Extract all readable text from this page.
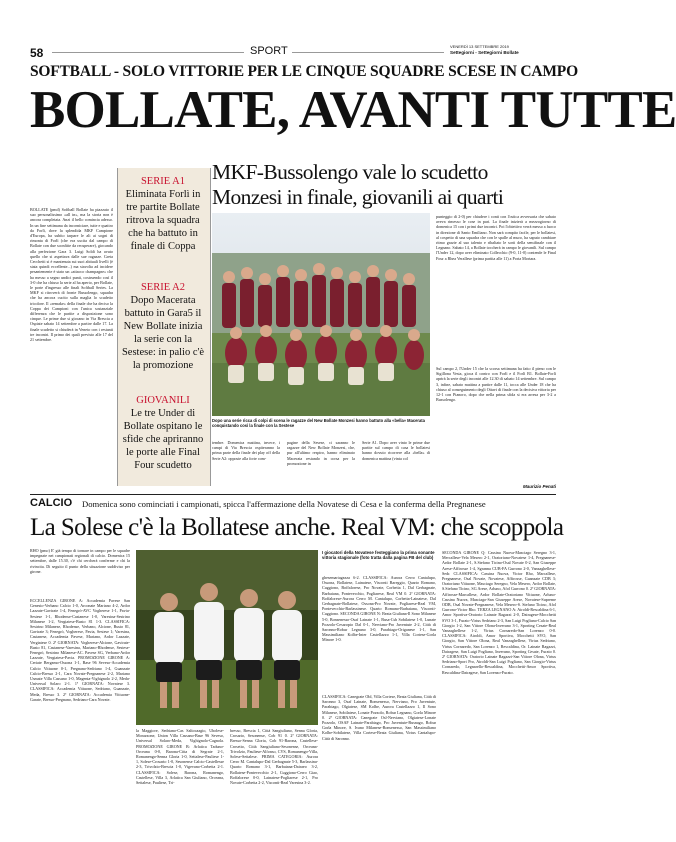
58	SPORT	VENERDÌ 13 SETTEMBRE 2019
Settegiorni - Settegiorni Bollate
SOFTBALL - SOLO VITTORIE PER LE CINQUE SQUADRE SCESE IN CAMPO
BOLLATE, AVANTI TUTTE
SERIE A1
Eliminata Forlì in tre partite Bollate ritrova la squadra che ha battuto in finale di Coppa
SERIE A2
Dopo Macerata battuto in Gara5 il New Bollate inizia la serie con la Sestese: in palio c'è la promozione
GIOVANILI
Le tre Under di Bollate ospitano le sfide che apriranno le porte alle Final Four scudetto
BOLLATE (pmd) Softball Bollate ha piazzato il suo personalissimo «all in», ma la storia non è ancora completata. Anzi il bello comincia adesso. In un fine settimana da incorniciare, tutte e quattro da Forlì, dove la splendida MKF Campione d'Europa, ha subito tarpare le ali ai sogni di rimonta di Forlì (che era uscita dal campo di Bollate con due sconfitte da recuperare), giocando alla perfezione Gara 3. Luigi Soldi ha avuto quello che si aspettava dalle sue ragazze. Greta Cecchetti si è mantenuta sui suoi abituali livelli (è stata quindi eccellente...) ma stavolta ad incidere pesantemente è stato un «attacco champagne» che ha messo a segno undici punti, costruendo così il 3-0 che ha chiuso la serie al ha aperto, per Bollate, le porte d'ingresso alle finali Softball Series. La MKF si ritroverà di fronte Bussolengo, squadra che ha ancora cucito sulla maglia lo scudetto tricolore. Il «remake» della finale che ha deciso la Coppa dei Campioni con l'unica sostanziale differenza che le partite a disposizione sono cinque. Le prime due si giocano in Via Brescia a Ospiate sabato 14 settembre a partire dalle 17. La finale scudetto si chiuderà in Veneto con i restanti tre incontri. Il primo dei quali previsto alle 17 del 21 settembre.
MKF-Bussolengo vale lo scudetto
Monzesi in finale, giovanili ai quarti
Dopo una serie ricca di colpi di scena le ragazze del New Bollate Monzesi hanno battuto alla «bella» Macerata conquistando così la finale con la Sestese
punteggio di 2-0) per chiudere i conti con l'ostica avversaria che sabato aveva rimesso le cose in pari. La finale inizierà a mezzogiorno di domenica 15 con i primi due incontri. Poi l'obiettivo verrà messo a fuoco in direzione di Santo Emiliano. Non sarà compito facile, per le bollatesi, al cospetto di una squadra che con le spalle al muro, ha saputo cambiare ritmo grazie al suo talento e ribaltato le sorti della semifinale con il Legnano. Sabato 14, a Bollate toccherà in campo le giovanili. Sul campo l'Under 12, dopo aver eliminato Collecchio (9-0, 11-0) contende le Final Four a Rhea Verallese (prima partita alle 11) a Porta Mortara.
Sul campo 2, l'Under 15 che la scorsa settimana ha fatto il pieno con le Sigillona Vesta, gioca il contro con Forlì e il Forlì B1. Bollate-Forlì aprirà la serie degli incontri alle 12.30 di sabato 14 settembre. Sul campo 3, infine, sabato mattina a partire dalle 11, tocca alle Under 18 che ha chiuso al conseguimento degli Ottavi di finale con la decisiva vittoria per 12-1 con Pianoro, dopo che nella prima sfida si era arresa per 3-2 a Bussolengo.
Maurizio Penati
tembre. Domenica mattina, invece, i campi di Via Brescia ospiteranno la prima parte della finale dei play off della Serie A2: opposte alla forte com-
pagine della Sesese, ci saranno le ragazze del New Bollate Monzesi, che, pur all'ultimo respiro, hanno eliminato Macerata restando in corsa per la promozione in
Serie A1. Dopo aver vinto le prime due partite sul campo di casa le bollatesi hanno dovuto ricorrere alla «bella» di domenica mattina (vinta col
CALCIO Domenica sono cominciati i campionati, spicca l'affermazione della Novatese di Cesa e la conferma della Pregnanese
La Solese c'è la Bollatese anche. Real VM: che scoppola
RHO (pmo) E' già tempo di tornare in campo per le squadre impegnate nei campionati regionali di calcio. Domenica 15 settembre, dalle 15.30, c'è chi cercherà conferme e chi la rivincita. Di seguito il punto della situazione suddiviso per girone.
ECCELLENZA GIRONE A: Accademia Pavese San Genesio-Verbano Calcio 1-0, Arconate Mariano 4-2, Ardor Lazzate-Gavirate 1-4, Fenegrò-AVC Vogherese 1-1, Pavia-Sestese 1-1, Rhodense-Castanese 1-0, Varesina-Sestrino Milanese 1-2, Vergiatese-Busto 81 1-3. CLASSIFICA: Sestrino Milanese, Rhodense, Verbano, Alcione, Busto 81, Gavirate 3; Fenegrò, Vogherese, Pavia, Sestese 1; Varesina, Castanese, Accademia Pavese, Mariano, Ardor Lazzate, Vergiatese 0. 2ª GIORNATA: Vogherese-Alcione, Gavirate-Busto 81, Castanese-Varesina, Mariano-Rhodense, Sestese-Fenegrò, Sestrino Milanese-AC. Pavese SG, Verbano-Ardor Lazzate, Vergiatese-Pavia. PROMOZIONE GIRONE A: Ceriate Bergamo-Ossona 1-1, Base 96 Seveso-Accademia Calcio Vittuone 0-1, Pregnano-Sedriano 1-4, Guanzate Calcio-Bresso 2-1, Cara Novate-Pregnanese 2-2, Mariano Usmate Villa Cassano 1-0, Magenta-Vighignolo 2-2, Meda-Universal Solaro 2-1. 1ª GIORNATA: Novatese 3. CLASSIFICA: Accademia Vittuone, Sedriano, Guanzate, Meda, Bresso 3. 2ª GIORNATA: Accademia Vittuone-Garate, Bresso-Pregnano, Sedriano-Cara Novate.
I giocatori della Novatese festeggiano la prima sonante vittoria stagionale (foto tratta dalla pagina FB del club)
la Maggiore, Sedriano-Cas Saltocaagio, Ubolese-Morazzone, Union Villa Cassano-Base 96 Seveso, Universal Solaro-Meda, Vighignolo-Cagnola. PROMOZIONE GIRONE B: Arlatica Taduno-Orceana 0-0, Barona-Citta di Segrate 2-1, Romanengo-Senna Gloria 1-0, Settalese-Pauliese 1-1, Solese-Crosario 1-0, Sesonense Calcio-Castellesse 2-3, Trivolzio-Brescia 1-0, Vigevano-Corbetta 2-1. CLASSIFICA: Solese, Barona, Romanengo, Castellese, Villa 3, Arlatica San Giuliano, Orceana, Settalese, Pauliese, Tri-
bresso, Brescia 1, Città Sangiuliano, Senna Gloria, Crosario, Sesonense, Cob 91 0. 2ª GIORNATA: Bresso-Senna Gloria, Cob 91-Barona, Castellese-Crosetto, Città Sangiuliano-Sesonense, Orceana-Trivolzio, Pauliese-Alfonso, CVS, Romanengo-Villa, Solese-Settalese. PRIMA CATEGORIA: Aurora Cerro M. Cantalupo-Dal Gerbagnate 5-3, Barlassina-Quarto Romano 3-1, Barbaiana-Dairaeo 3-2, Bollatese-Pontevecchio 2-1, Cuggiono-Cerro Giao, Boffalorese 0-0, Lainatese-Pogliarese 2-1, Pro Novate-Corbetta 2-2, Visconti-Real Varesina 3-2.
ghesemartagazza 6-2. CLASSIFICA: Aurora Cerro Cantalupo, Ossona, Bollatese, Lainatese, Visconti Bareggio, Quarto Romano, Cuggiono, Boffalorese, Pro Novate, Corbetta 1, Dal Gerbagnate, Barbaiana, Pontevecchio, Pogliarese, Real VM 0. 2ª GIORNATA: Boffalorese-Aurora Cerro M. Cantalupo, Corbetta-Lainatese, Dal Gerbagnate-Bollatese, Ossona-Pro Novate, Pogliarese-Real VM, Pontevecchio-Barlassinese. Quarto Romano-Barbaiana, Visconti-Cuggiono. SECONDA GIRONE N: Beata Giuliana-Il Sono Milanese 5-0, Bonsenesso-Osaf Lainate 1-1, Busa-Csb Sobilatese 1-0, Lunate Pozzolo-Cesaropio Dal 0-1, Nerviano-Pro Juventute 2-2, Città di Saronno-Robur Legnano 3-0, Parabiago-Origanese 1-1, San Massimiliano Kolbe-Inter Castellazzo 1-1, Villa Cortese-Gorla Minore 1-0.
CLASSIFICA: Canegrate Old, Villa Cortese, Beata Giuliana, Città di Saronno 3, Osaf Lainate, Bonsenesso, Nerviano, Pro Juventute, Parabiago, Olgiatese, SM Kolbe, Aurora Castellazzo 1, Il Sono Milanese, Sobilatese, Lonate Pozzolo, Robur Legnano, Gorla Minore 0. 2ª GIORNATA: Canegrate Osl-Nerviano, Olgiatese-Lonate Pozzolo, OSAF Lainate-Parabiago, Pro Juventute-Busnago, Robur Gorla Minore, S. Ivano Milanese-Bonsenesso, San Massimiliano Kolbe-Sobilatese, Villa Cortese-Beata Giuliana, Virtus Cantalupo-Città di Saronno.
SECONDA GIRONE Q: Cassina Nuova-Masciago Seregno 3-1, Mercallese-Vela Mesero 2-1, Oratoriano-Novatese 1-4, Pregnanese-Ardor Bollate 2-1, S.Stefano Ticino-Osal Novate 0-2, San Giuseppe Arese-Affirosse 1-4, Sgranna CUB-FA Gurrono 2-0, Vanzaghellese-Sedr. CLASSIFICA: Cassina Nuova, Victor Rho, Marcallese, Pregnanese, Osal Novate, Novatese, Affirosse, Guanzate CDB 3; Oratoriano Vittuone, Masciago Seregno, Vela Mesero, Ardor Bollate, S.Stefano Ticino, SG Arese, Arluno, Afol Gurrono 0. 2ª GIORNATA: Affirosse-Marcallese, Ardor Bollate-Oratoriano Vittuone, Arluno-Cassina Nuova, Masciago-San Giuseppe Arese, Novatese-Supreme ODB, Osal Novate-Pregnanese, Vela Mesero-S. Stefano Ticino, Afol Gurrono-Victor Rho. TERZA LEGNANO A: Airoldi-Rescaldina 6-1, Amor Sportiva-Oratorio Lainate Ragazzi 2-0, Dairagese-Mocchetti SVO 3-1, Furato-Virtus Sedriano 2-3, San Luigi Pogliano-Calcio San Giorgio 1-2, San Vittore Olona-Inveruno 3-1, Sporting Cesate-Real Vanzaghellese 1-2, Virtus Cornaredo-San Lorenzo 0-0. CLASSIFICA: Airoldi, Amor Sportiva, Mocchetti SVO, San Giorgio, San Vittore Olona, Real Vanzaghellese, Virtus Sedriano, Virtus Cornaredo, San Lorenzo 1, Rescaldina, Or. Lainate Ragazzi, Dairagese, San Luigi Pogliano, Inveruno, Sporting Cesate, Furato 0. 2ª GIORNATA: Oratorio Lainate Ragazzi-San Vittore Olona, Virtus Sedriano-Sport Pro, Airoldi-San Luigi Pogliano, San Giorgio-Virtus Cornaredo, Legnarello-Rescaldina, Mocchetti-Amor Sportiva, Rescaldina-Dairagese, San Lorenzo-Furato.
